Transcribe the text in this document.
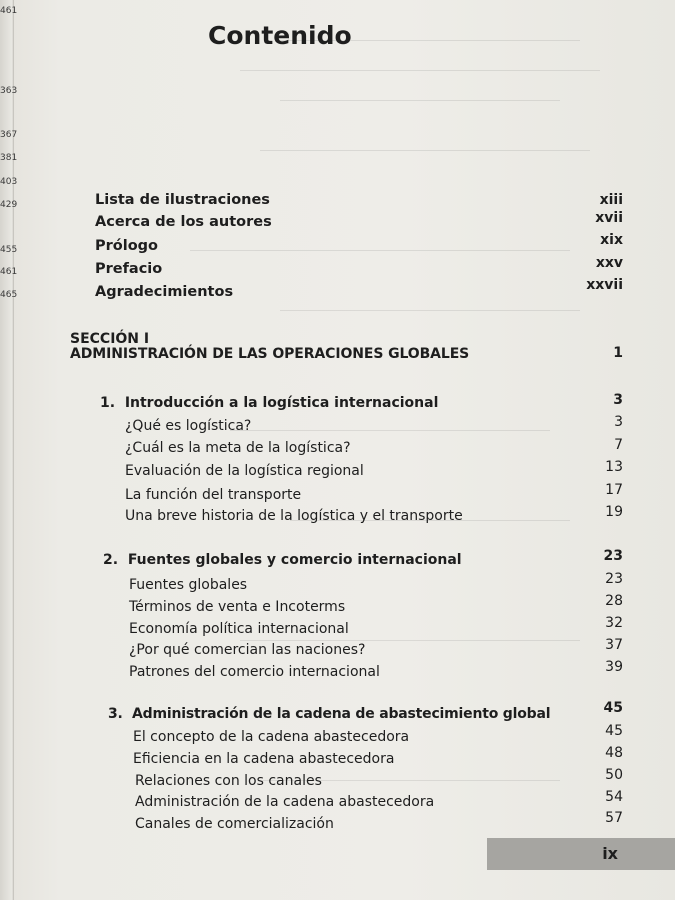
461
363
367
381
403
429
455
461
465
Contenido
Lista de ilustraciones	xiii
Acerca de los autores	xvii
Prólogo	xix
Prefacio	xxv
Agradecimientos	xxvii
SECCIÓN I
ADMINISTRACIÓN DE LAS OPERACIONES GLOBALES	1
1. Introducción a la logística internacional	3
¿Qué es logística?	3
¿Cuál es la meta de la logística?	7
Evaluación de la logística regional	13
La función del transporte	17
Una breve historia de la logística y el transporte	19
2. Fuentes globales y comercio internacional	23
Fuentes globales	23
Términos de venta e Incoterms	28
Economía política internacional	32
¿Por qué comercian las naciones?	37
Patrones del comercio internacional	39
3. Administración de la cadena de abastecimiento global	45
El concepto de la cadena abastecedora	45
Eficiencia en la cadena abastecedora	48
Relaciones con los canales	50
Administración de la cadena abastecedora	54
Canales de comercialización	57
ix
